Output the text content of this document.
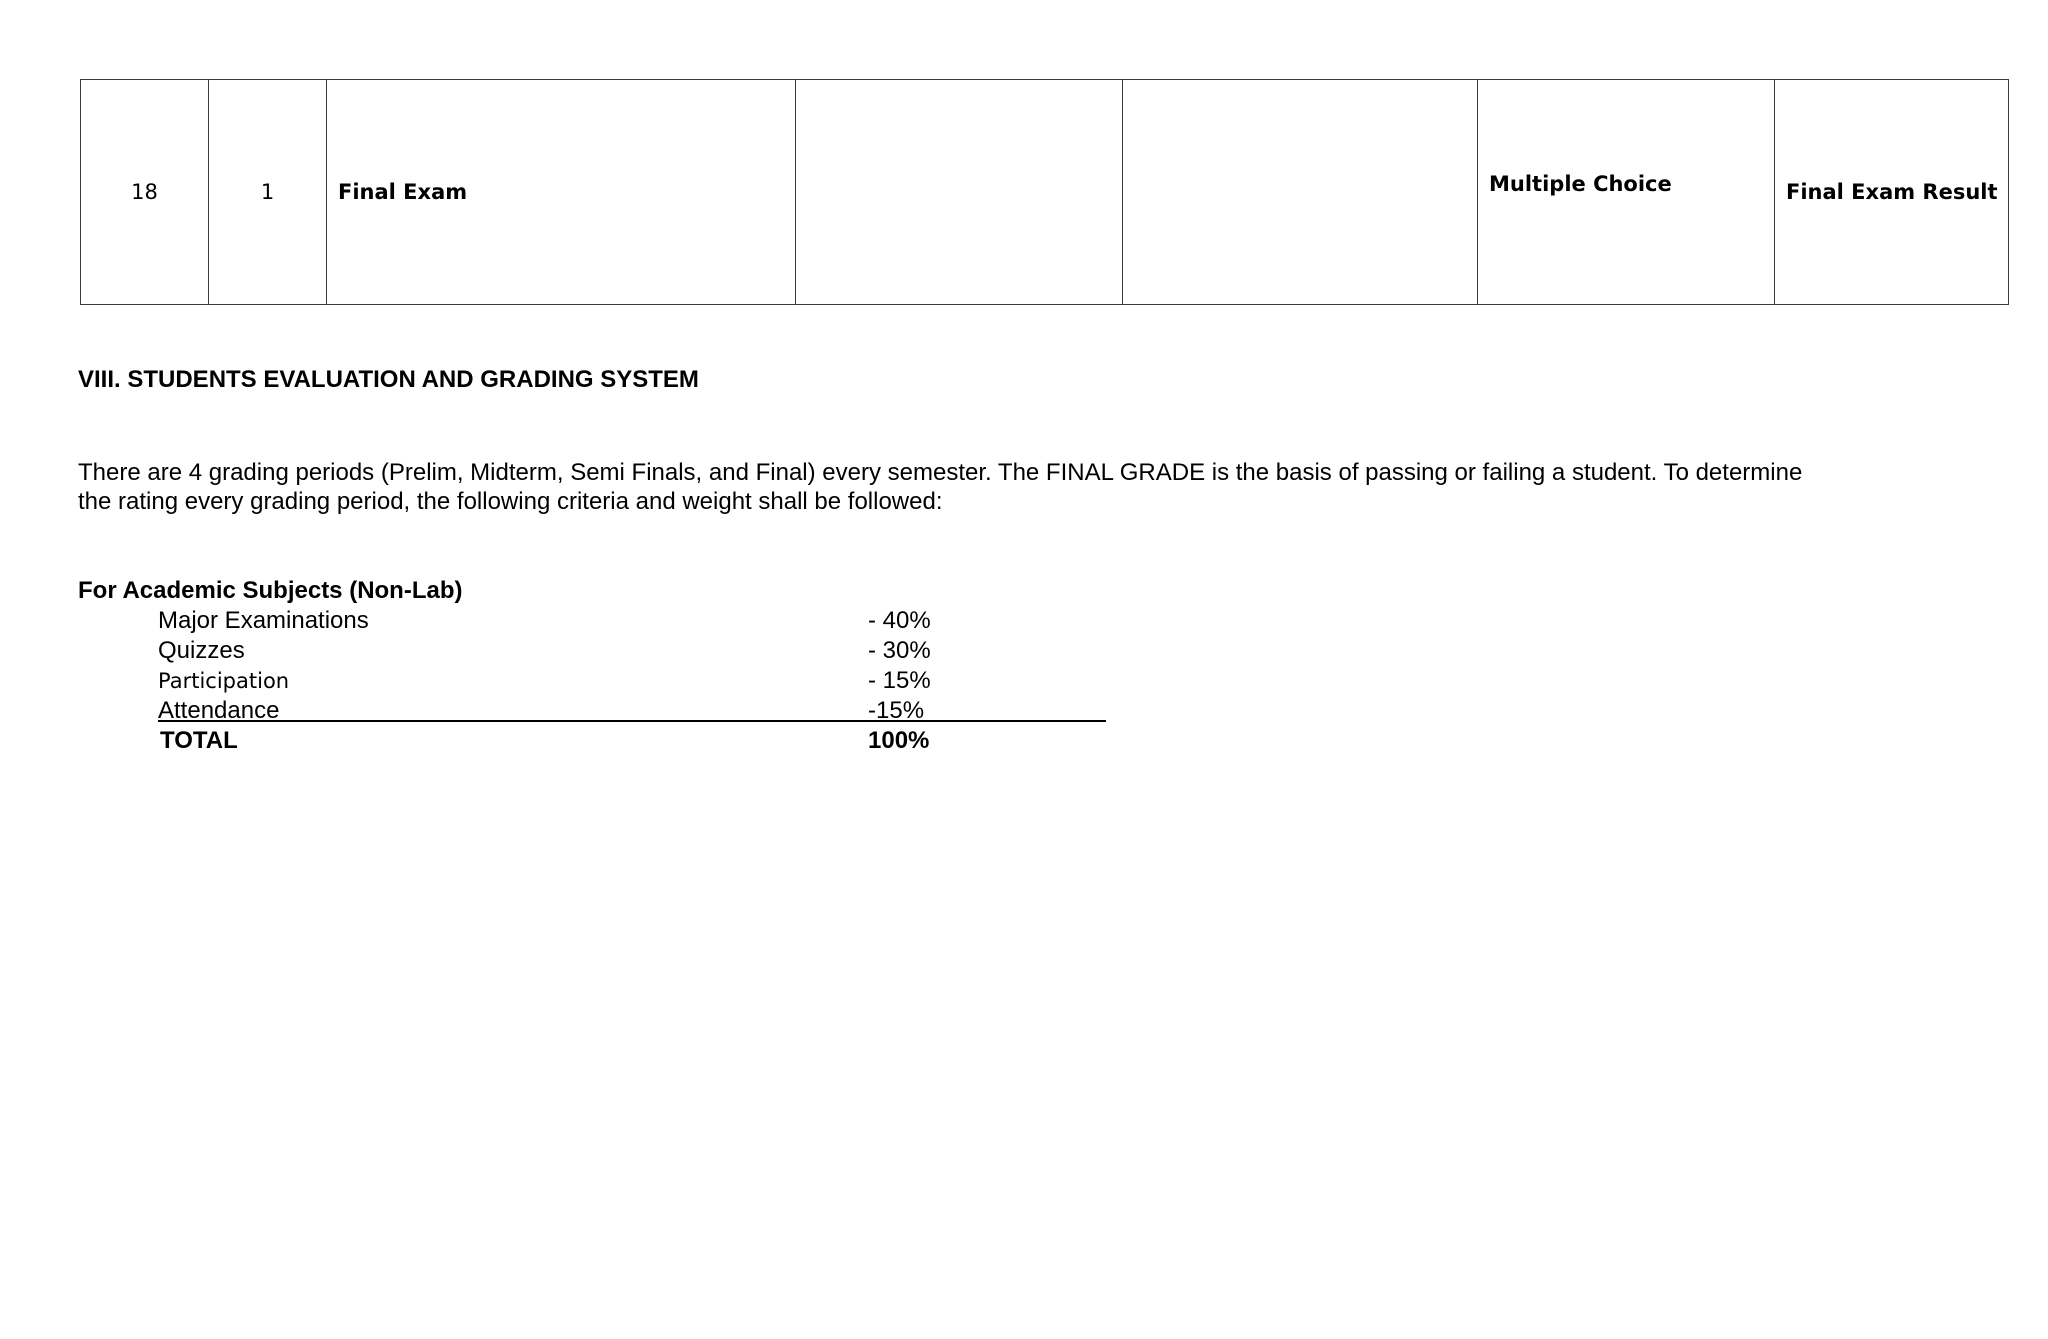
18	1	Final Exam			Multiple Choice	Final Exam Result
VIII. STUDENTS EVALUATION AND GRADING SYSTEM

There are 4 grading periods (Prelim, Midterm, Semi Finals, and Final) every semester. The FINAL GRADE is the basis of passing or failing a student. To determine the rating every grading period, the following criteria and weight shall be followed:

For Academic Subjects (Non-Lab)
Major Examinations	- 40%
Quizzes	- 30%
Participation	- 15%
Attendance	-15%
TOTAL	100%
